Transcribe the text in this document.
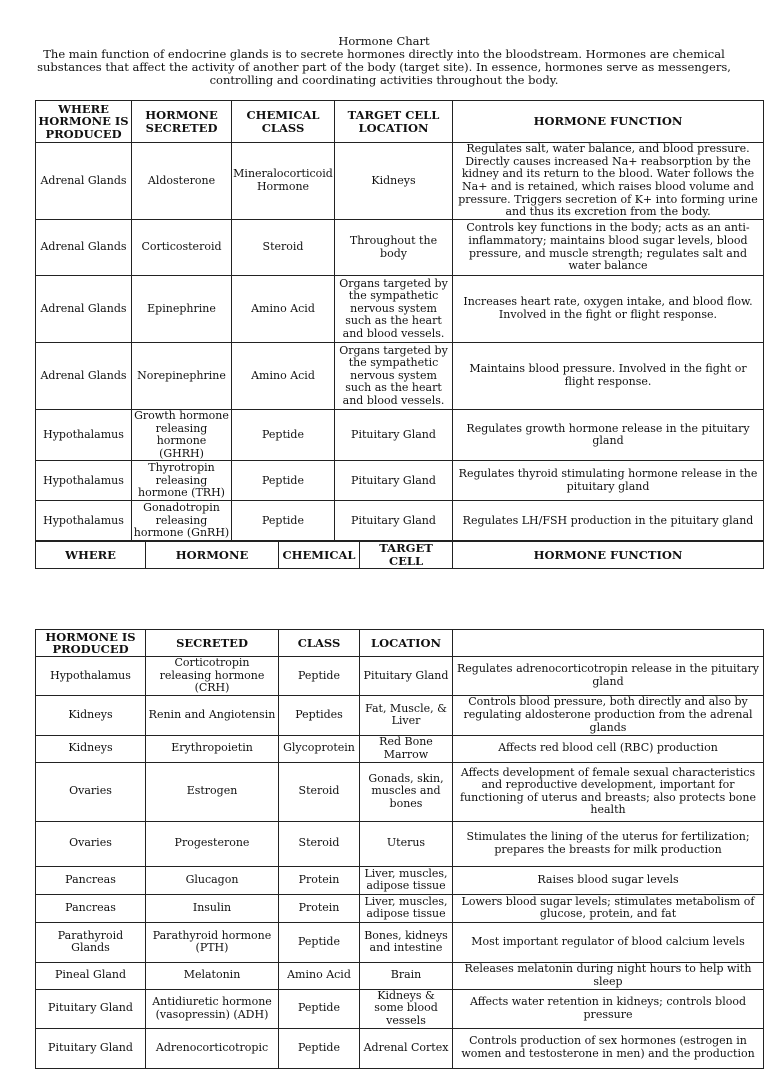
Hormone Chart
The main function of endocrine glands is to secrete hormones directly into the bloodstream. Hormones are chemical substances that affect the activity of another part of the body (target site). In essence, hormones serve as messengers, controlling and coordinating activities throughout the body.
WHERE HORMONE IS PRODUCED	HORMONE SECRETED	CHEMICAL CLASS	TARGET CELL LOCATION	HORMONE FUNCTION
Adrenal Glands	Aldosterone	Mineralocorticoid Hormone	Kidneys	Regulates salt, water balance, and blood pressure. Directly causes increased Na+ reabsorption by the kidney and its return to the blood. Water follows the Na+ and is retained, which raises blood volume and pressure. Triggers secretion of K+ into forming urine and thus its excretion from the body.
Adrenal Glands	Corticosteroid	Steroid	Throughout the body	Controls key functions in the body; acts as an anti-inflammatory; maintains blood sugar levels, blood pressure, and muscle strength; regulates salt and water balance
Adrenal Glands	Epinephrine	Amino Acid	Organs targeted by the sympathetic nervous system such as the heart and blood vessels.	Increases heart rate, oxygen intake, and blood flow. Involved in the fight or flight response.
Adrenal Glands	Norepinephrine	Amino Acid	Organs targeted by the sympathetic nervous system such as the heart and blood vessels.	Maintains blood pressure. Involved in the fight or flight response.
Hypothalamus	Growth hormone releasing hormone (GHRH)	Peptide	Pituitary Gland	Regulates growth hormone release in the pituitary gland
Hypothalamus	Thyrotropin releasing hormone (TRH)	Peptide	Pituitary Gland	Regulates thyroid stimulating hormone release in the pituitary gland
Hypothalamus	Gonadotropin releasing hormone (GnRH)	Peptide	Pituitary Gland	Regulates LH/FSH production in the pituitary gland
WHERE	HORMONE	CHEMICAL	TARGET CELL	HORMONE FUNCTION
HORMONE IS PRODUCED	SECRETED	CLASS	LOCATION	
Hypothalamus	Corticotropin releasing hormone (CRH)	Peptide	Pituitary Gland	Regulates adrenocorticotropin release in the pituitary gland
Kidneys	Renin and Angiotensin	Peptides	Fat, Muscle, & Liver	Controls blood pressure, both directly and also by regulating aldosterone production from the adrenal glands
Kidneys	Erythropoietin	Glycoprotein	Red Bone Marrow	Affects red blood cell (RBC) production
Ovaries	Estrogen	Steroid	Gonads, skin, muscles and bones	Affects development of female sexual characteristics and reproductive development, important for functioning of uterus and breasts; also protects bone health
Ovaries	Progesterone	Steroid	Uterus	Stimulates the lining of the uterus for fertilization; prepares the breasts for milk production
Pancreas	Glucagon	Protein	Liver, muscles, adipose tissue	Raises blood sugar levels
Pancreas	Insulin	Protein	Liver, muscles, adipose tissue	Lowers blood sugar levels; stimulates metabolism of glucose, protein, and fat
Parathyroid Glands	Parathyroid hormone (PTH)	Peptide	Bones, kidneys and intestine	Most important regulator of blood calcium levels
Pineal Gland	Melatonin	Amino Acid	Brain	Releases melatonin during night hours to help with sleep
Pituitary Gland	Antidiuretic hormone (vasopressin) (ADH)	Peptide	Kidneys & some blood vessels	Affects water retention in kidneys; controls blood pressure
Pituitary Gland	Adrenocorticotropic	Peptide	Adrenal Cortex	Controls production of sex hormones (estrogen in women and testosterone in men) and the production
